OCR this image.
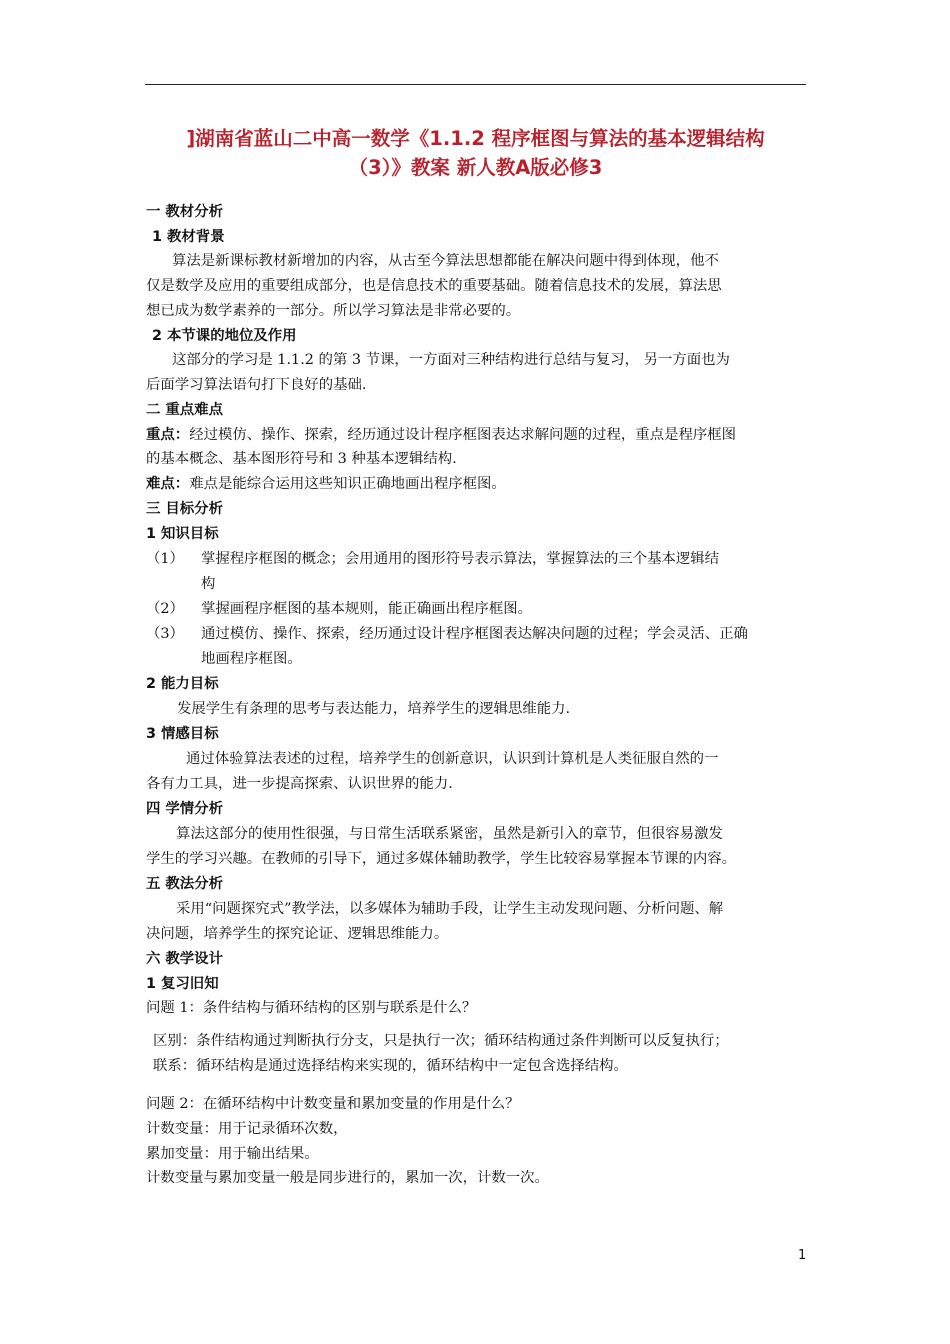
]湖南省蓝山二中高一数学《1.1.2 程序框图与算法的基本逻辑结构
（3）》教案 新人教A版必修3
一 教材分析
1 教材背景
算法是新课标教材新增加的内容，从古至今算法思想都能在解决问题中得到体现，他不
仅是数学及应用的重要组成部分，也是信息技术的重要基础。随着信息技术的发展，算法思
想已成为数学素养的一部分。所以学习算法是非常必要的。
2 本节课的地位及作用
这部分的学习是 1.1.2 的第 3 节课，一方面对三种结构进行总结与复习， 另一方面也为
后面学习算法语句打下良好的基础.
二 重点难点
重点：经过模仿、操作、探索，经历通过设计程序框图表达求解问题的过程，重点是程序框图
的基本概念、基本图形符号和 3 种基本逻辑结构.
难点：难点是能综合运用这些知识正确地画出程序框图。
三 目标分析
1 知识目标
（1） 掌握程序框图的概念；会用通用的图形符号表示算法，掌握算法的三个基本逻辑结
构
（2） 掌握画程序框图的基本规则，能正确画出程序框图。
（3） 通过模仿、操作、探索，经历通过设计程序框图表达解决问题的过程；学会灵活、正确
地画程序框图。
2 能力目标
发展学生有条理的思考与表达能力，培养学生的逻辑思维能力.
3 情感目标
通过体验算法表述的过程，培养学生的创新意识，认识到计算机是人类征服自然的一
各有力工具，进一步提高探索、认识世界的能力.
四 学情分析
算法这部分的使用性很强，与日常生活联系紧密，虽然是新引入的章节，但很容易激发
学生的学习兴趣。在教师的引导下，通过多媒体辅助教学，学生比较容易掌握本节课的内容。
五 教法分析
采用“问题探究式”教学法，以多媒体为辅助手段，让学生主动发现问题、分析问题、解
决问题，培养学生的探究论证、逻辑思维能力。
六 教学设计
1 复习旧知
问题 1：条件结构与循环结构的区别与联系是什么？
区别：条件结构通过判断执行分支，只是执行一次；循环结构通过条件判断可以反复执行；
联系：循环结构是通过选择结构来实现的，循环结构中一定包含选择结构。
问题 2：在循环结构中计数变量和累加变量的作用是什么？
计数变量：用于记录循环次数，
累加变量：用于输出结果。
计数变量与累加变量一般是同步进行的，累加一次，计数一次。
1
